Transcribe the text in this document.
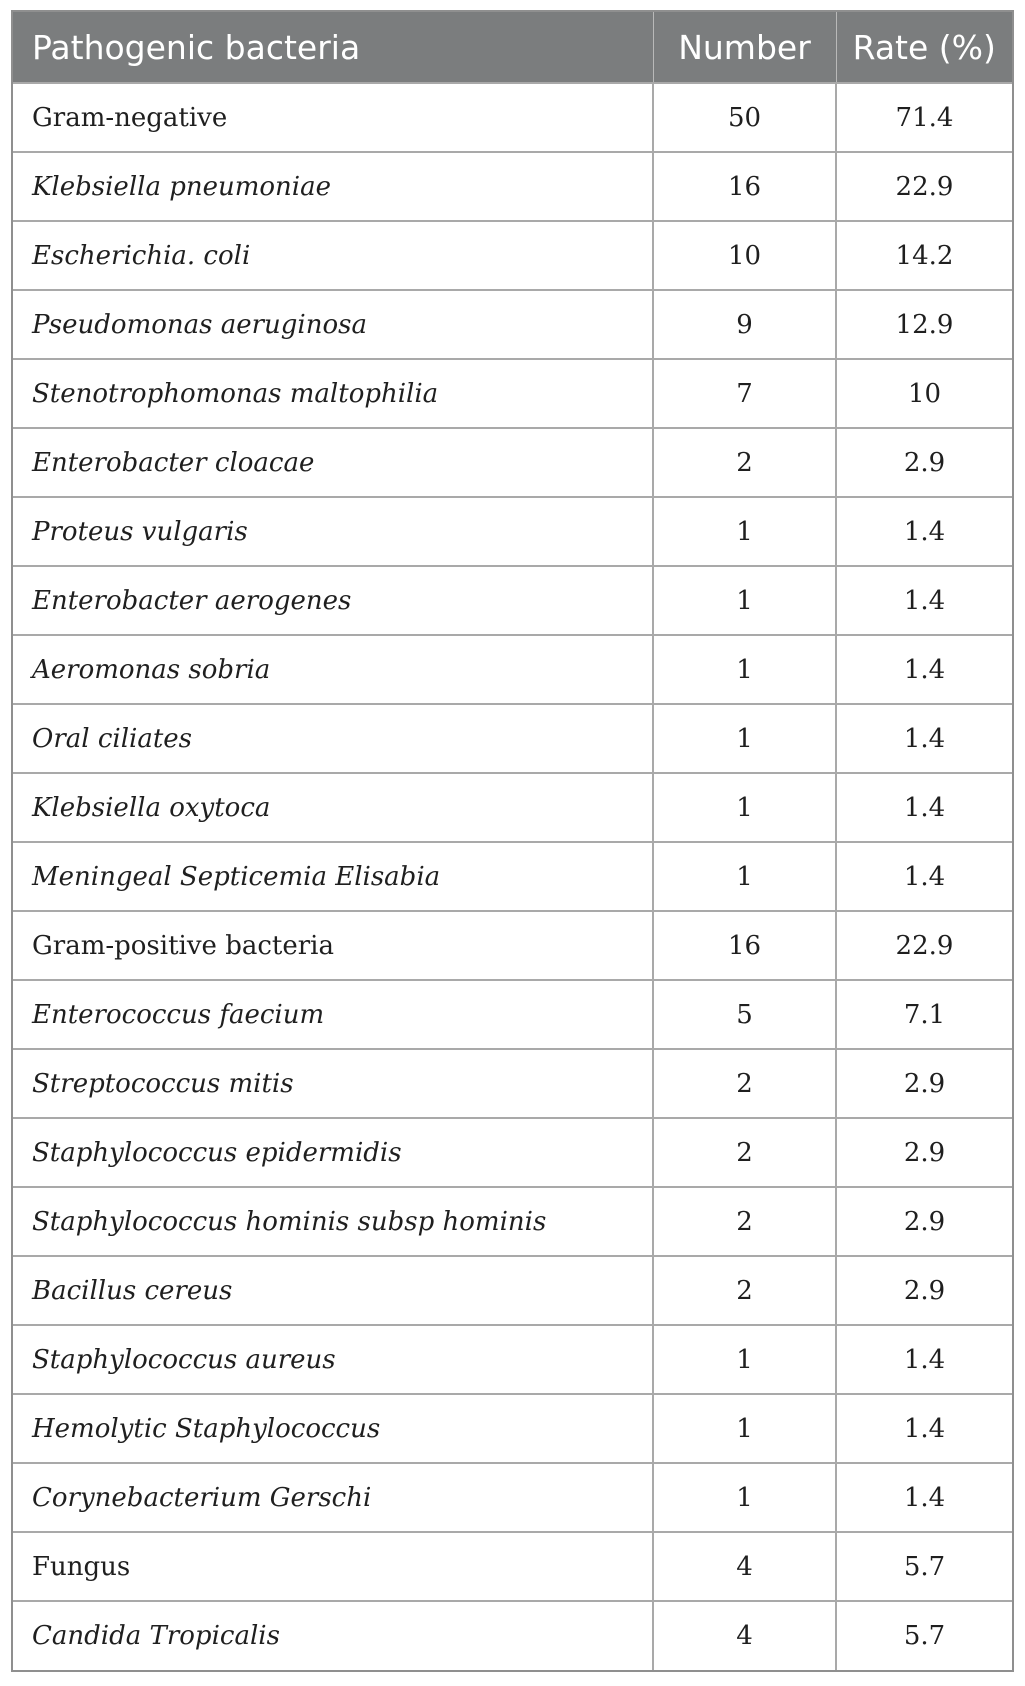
Pathogenic bacteria	Number	Rate (%)
Gram-negative	50	71.4
Klebsiella pneumoniae	16	22.9
Escherichia. coli	10	14.2
Pseudomonas aeruginosa	9	12.9
Stenotrophomonas maltophilia	7	10
Enterobacter cloacae	2	2.9
Proteus vulgaris	1	1.4
Enterobacter aerogenes	1	1.4
Aeromonas sobria	1	1.4
Oral ciliates	1	1.4
Klebsiella oxytoca	1	1.4
Meningeal Septicemia Elisabia	1	1.4
Gram-positive bacteria	16	22.9
Enterococcus faecium	5	7.1
Streptococcus mitis	2	2.9
Staphylococcus epidermidis	2	2.9
Staphylococcus hominis subsp hominis	2	2.9
Bacillus cereus	2	2.9
Staphylococcus aureus	1	1.4
Hemolytic Staphylococcus	1	1.4
Corynebacterium Gerschi	1	1.4
Fungus	4	5.7
Candida Tropicalis	4	5.7
